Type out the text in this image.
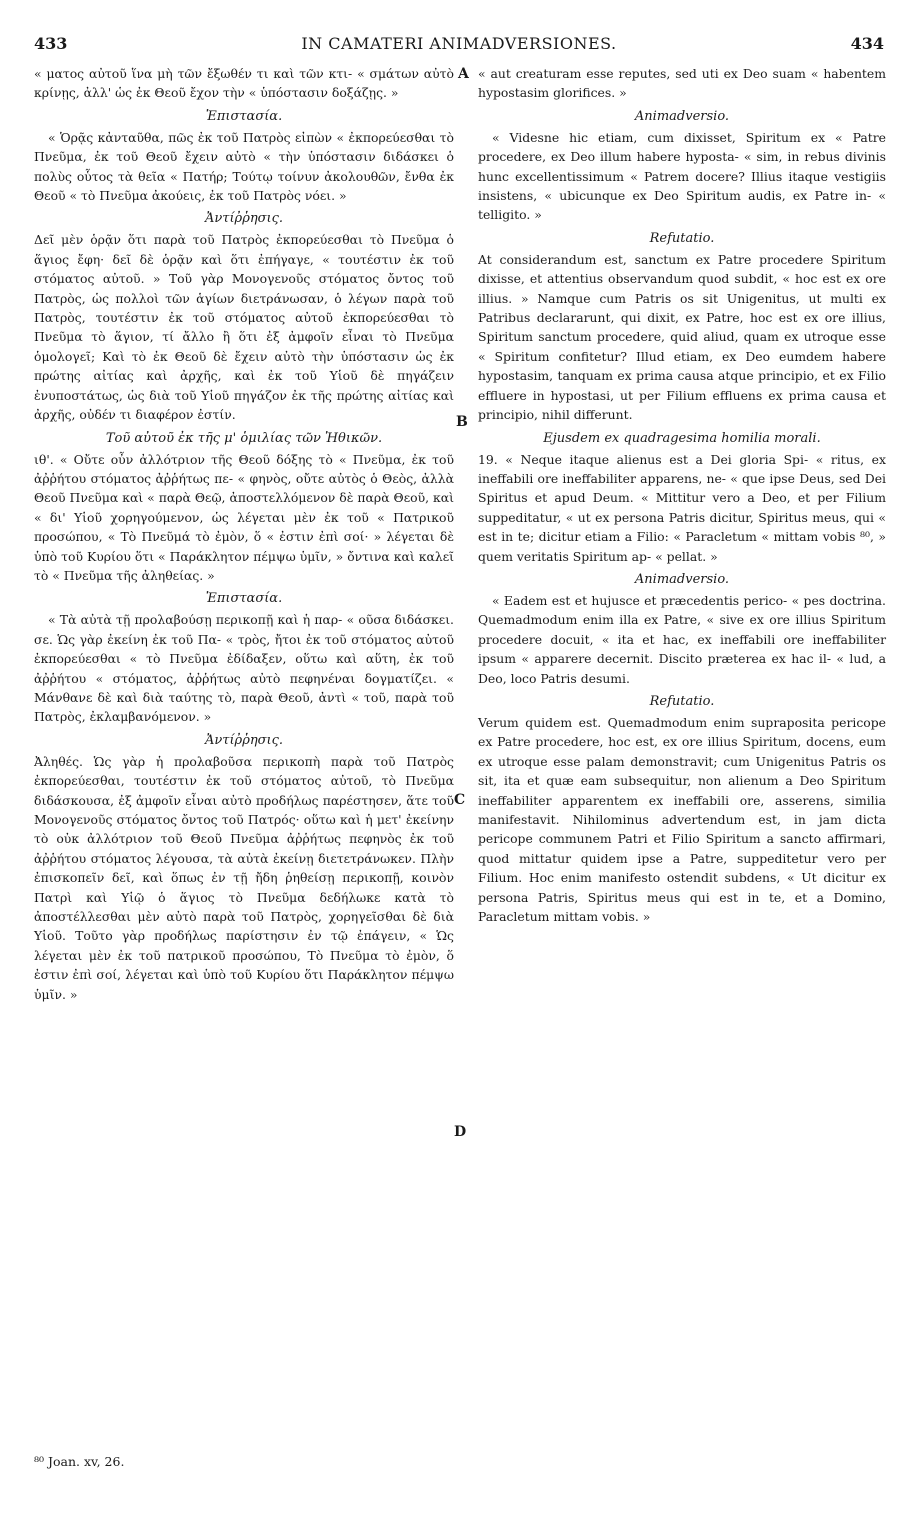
433	IN CAMATERI ANIMADVERSIONES.	434
A
B
C
D

« ματος αὐτοῦ ἵνα μὴ τῶν ἔξωθέν τι καὶ τῶν κτι- « σμάτων αὐτὸ κρίνῃς, ἀλλ' ὡς ἐκ Θεοῦ ἔχον τὴν « ὑπόστασιν δοξάζῃς. »

Ἐπιστασία.

« Ὁρᾷς κἀνταῦθα, πῶς ἐκ τοῦ Πατρὸς εἰπὼν « ἐκπορεύεσθαι τὸ Πνεῦμα, ἐκ τοῦ Θεοῦ ἔχειν αὐτὸ « τὴν ὑπόστασιν διδάσκει ὁ πολὺς οὗτος τὰ θεῖα « Πατήρ; Τούτῳ τοίνυν ἀκολουθῶν, ἔνθα ἐκ Θεοῦ « τὸ Πνεῦμα ἀκούεις, ἐκ τοῦ Πατρὸς νόει. »

Ἀντίῤῥησις.

Δεῖ μὲν ὁρᾷν ὅτι παρὰ τοῦ Πατρὸς ἐκπορεύεσθαι τὸ Πνεῦμα ὁ ἅγιος ἔφη· δεῖ δὲ ὁρᾷν καὶ ὅτι ἐπήγαγε, « τουτέστιν ἐκ τοῦ στόματος αὐτοῦ. » Τοῦ γὰρ Μονογενοῦς στόματος ὄντος τοῦ Πατρὸς, ὡς πολλοὶ τῶν ἁγίων διετράνωσαν, ὁ λέγων παρὰ τοῦ Πατρὸς, τουτέστιν ἐκ τοῦ στόματος αὐτοῦ ἐκπορεύεσθαι τὸ Πνεῦμα τὸ ἅγιον, τί ἄλλο ἢ ὅτι ἐξ ἀμφοῖν εἶναι τὸ Πνεῦμα ὁμολογεῖ; Καὶ τὸ ἐκ Θεοῦ δὲ ἔχειν αὐτὸ τὴν ὑπόστασιν ὡς ἐκ πρώτης αἰτίας καὶ ἀρχῆς, καὶ ἐκ τοῦ Υἱοῦ δὲ πηγάζειν ἐνυποστάτως, ὡς διὰ τοῦ Υἱοῦ πηγάζον ἐκ τῆς πρώτης αἰτίας καὶ ἀρχῆς, οὐδέν τι διαφέρον ἐστίν.

Τοῦ αὐτοῦ ἐκ τῆς μ' ὁμιλίας τῶν Ἠθικῶν.

ιθ'. « Οὔτε οὖν ἀλλότριον τῆς Θεοῦ δόξης τὸ « Πνεῦμα, ἐκ τοῦ ἀῤῥήτου στόματος ἀῤῥήτως πε- « φηνὸς, οὔτε αὐτὸς ὁ Θεὸς, ἀλλὰ Θεοῦ Πνεῦμα καὶ « παρὰ Θεῷ, ἀποστελλόμενον δὲ παρὰ Θεοῦ, καὶ « δι' Υἱοῦ χορηγούμενον, ὡς λέγεται μὲν ἐκ τοῦ « Πατρικοῦ προσώπου, « Τὸ Πνεῦμά τὸ ἐμὸν, ὅ « ἐστιν ἐπὶ σοί· » λέγεται δὲ ὑπὸ τοῦ Κυρίου ὅτι « Παράκλητον πέμψω ὑμῖν, » ὄντινα καὶ καλεῖ τὸ « Πνεῦμα τῆς ἀληθείας. »

Ἐπιστασία.

« Τὰ αὐτὰ τῇ προλαβούσῃ περικοπῇ καὶ ἡ παρ- « οῦσα διδάσκει. σε. Ὡς γὰρ ἐκείνη ἐκ τοῦ Πα- « τρὸς, ἤτοι ἐκ τοῦ στόματος αὐτοῦ ἐκπορεύεσθαι « τὸ Πνεῦμα ἐδίδαξεν, οὕτω καὶ αὕτη, ἐκ τοῦ ἀῤῥήτου « στόματος, ἀῤῥήτως αὐτὸ πεφηνέναι δογματίζει. « Μάνθανε δὲ καὶ διὰ ταύτης τὸ, παρὰ Θεοῦ, ἀντὶ « τοῦ, παρὰ τοῦ Πατρὸς, ἐκλαμβανόμενον. »

Ἀντίῤῥησις.

Ἀληθές. Ὡς γὰρ ἡ προλαβοῦσα περικοπὴ παρὰ τοῦ Πατρὸς ἐκπορεύεσθαι, τουτέστιν ἐκ τοῦ στόματος αὐτοῦ, τὸ Πνεῦμα διδάσκουσα, ἐξ ἀμφοῖν εἶναι αὐτὸ προδήλως παρέστησεν, ἅτε τοῦ Μονογενοῦς στόματος ὄντος τοῦ Πατρός· οὕτω καὶ ἡ μετ' ἐκείνην τὸ οὐκ ἀλλότριον τοῦ Θεοῦ Πνεῦμα ἀῤῥήτως πεφηνὸς ἐκ τοῦ ἀῤῥήτου στόματος λέγουσα, τὰ αὐτὰ ἐκείνῃ διετετράνωκεν. Πλὴν ἐπισκοπεῖν δεῖ, καὶ ὅπως ἐν τῇ ἤδη ῥηθείσῃ περικοπῇ, κοινὸν Πατρὶ καὶ Υἱῷ ὁ ἅγιος τὸ Πνεῦμα δεδήλωκε κατὰ τὸ ἀποστέλλεσθαι μὲν αὐτὸ παρὰ τοῦ Πατρὸς, χορηγεῖσθαι δὲ διὰ Υἱοῦ. Τοῦτο γὰρ προδήλως παρίστησιν ἐν τῷ ἐπάγειν, « Ὡς λέγεται μὲν ἐκ τοῦ πατρικοῦ προσώπου, Τὸ Πνεῦμα τὸ ἐμὸν, ὅ ἐστιν ἐπὶ σοί, λέγεται καὶ ὑπὸ τοῦ Κυρίου ὅτι Παράκλητον πέμψω ὑμῖν. »

« aut creaturam esse reputes, sed uti ex Deo suam « habentem hypostasim glorifices. »

Animadversio.

« Videsne hic etiam, cum dixisset, Spiritum ex « Patre procedere, ex Deo illum habere hyposta- « sim, in rebus divinis hunc excellentissimum « Patrem docere? Illius itaque vestigiis insistens, « ubicunque ex Deo Spiritum audis, ex Patre in- « telligito. »

Refutatio.

At considerandum est, sanctum ex Patre procedere Spiritum dixisse, et attentius observandum quod subdit, « hoc est ex ore illius. » Namque cum Patris os sit Unigenitus, ut multi ex Patribus declararunt, qui dixit, ex Patre, hoc est ex ore illius, Spiritum sanctum procedere, quid aliud, quam ex utroque esse « Spiritum confitetur? Illud etiam, ex Deo eumdem habere hypostasim, tanquam ex prima causa atque principio, et ex Filio effluere in hypostasi, ut per Filium effluens ex prima causa et principio, nihil differunt.

Ejusdem ex quadragesima homilia morali.

19. « Neque itaque alienus est a Dei gloria Spi- « ritus, ex ineffabili ore ineffabiliter apparens, ne- « que ipse Deus, sed Dei Spiritus et apud Deum. « Mittitur vero a Deo, et per Filium suppeditatur, « ut ex persona Patris dicitur, Spiritus meus, qui « est in te; dicitur etiam a Filio: « Paracletum « mittam vobis ⁸⁰, » quem veritatis Spiritum ap- « pellat. »

Animadversio.

« Eadem est et hujusce et præcedentis perico- « pes doctrina. Quemadmodum enim illa ex Patre, « sive ex ore illius Spiritum procedere docuit, « ita et hac, ex ineffabili ore ineffabiliter ipsum « apparere decernit. Discito præterea ex hac il- « lud, a Deo, loco Patris desumi.

Refutatio.

Verum quidem est. Quemadmodum enim supraposita pericope ex Patre procedere, hoc est, ex ore illius Spiritum, docens, eum ex utroque esse palam demonstravit; cum Unigenitus Patris os sit, ita et quæ eam subsequitur, non alienum a Deo Spiritum ineffabiliter apparentem ex ineffabili ore, asserens, similia manifestavit. Nihilominus advertendum est, in jam dicta pericope communem Patri et Filio Spiritum a sancto affirmari, quod mittatur quidem ipse a Patre, suppeditetur vero per Filium. Hoc enim manifesto ostendit subdens, « Ut dicitur ex persona Patris, Spiritus meus qui est in te, et a Domino, Paracletum mittam vobis. »

⁸⁰ Joan. xv, 26.
